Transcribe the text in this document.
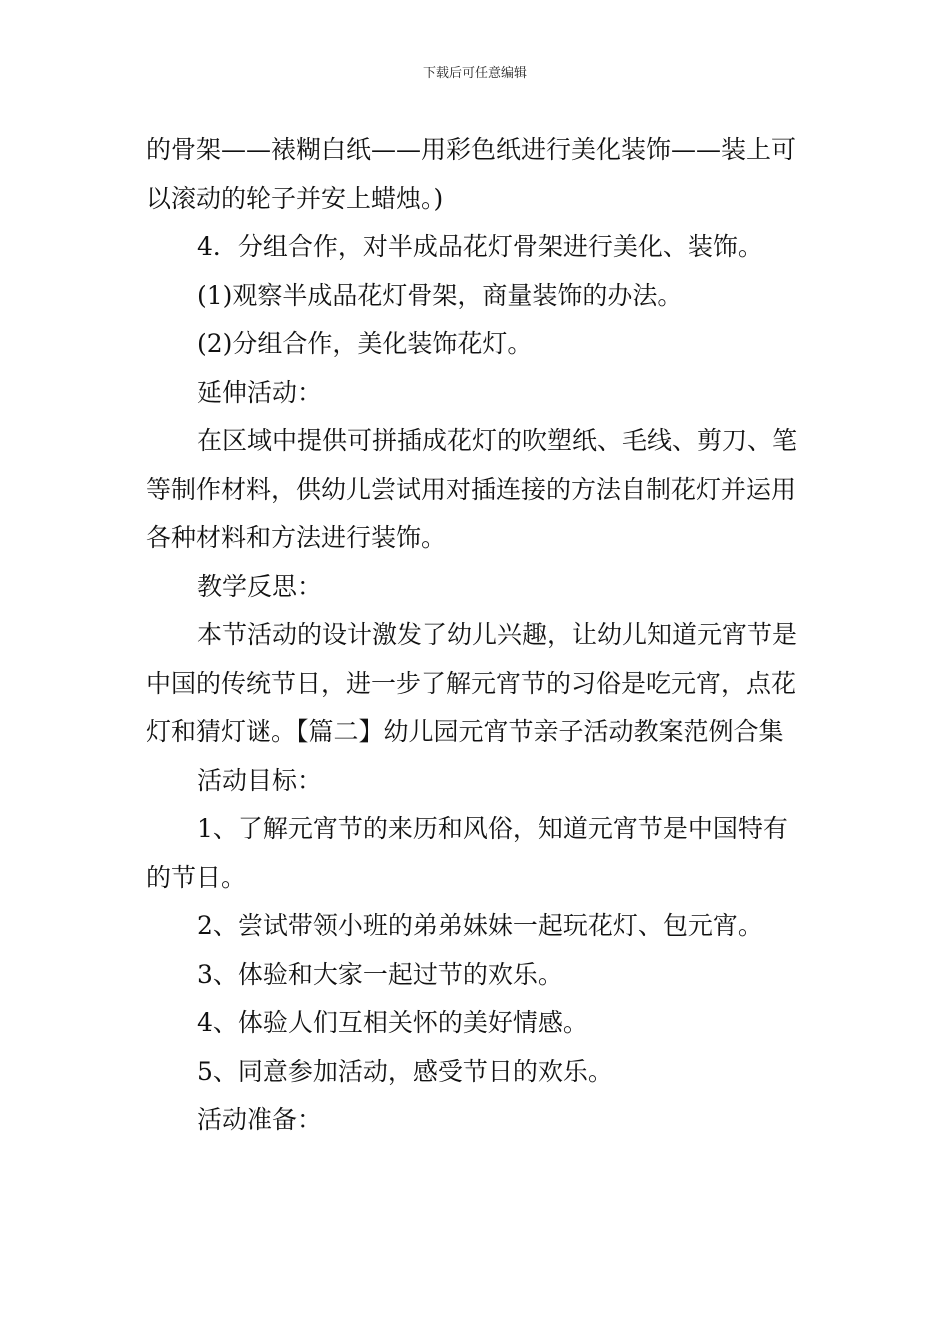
下载后可任意编辑

的骨架——裱糊白纸——用彩色纸进行美化装饰——装上可以滚动的轮子并安上蜡烛。)

4．分组合作，对半成品花灯骨架进行美化、装饰。

(1)观察半成品花灯骨架，商量装饰的办法。

(2)分组合作，美化装饰花灯。

延伸活动：

在区域中提供可拼插成花灯的吹塑纸、毛线、剪刀、笔等制作材料，供幼儿尝试用对插连接的方法自制花灯并运用各种材料和方法进行装饰。

教学反思：

本节活动的设计激发了幼儿兴趣，让幼儿知道元宵节是中国的传统节日，进一步了解元宵节的习俗是吃元宵，点花灯和猜灯谜。【篇二】幼儿园元宵节亲子活动教案范例合集

活动目标：

1、了解元宵节的来历和风俗，知道元宵节是中国特有的节日。

2、尝试带领小班的弟弟妹妹一起玩花灯、包元宵。

3、体验和大家一起过节的欢乐。

4、体验人们互相关怀的美好情感。

5、同意参加活动，感受节日的欢乐。

活动准备：
